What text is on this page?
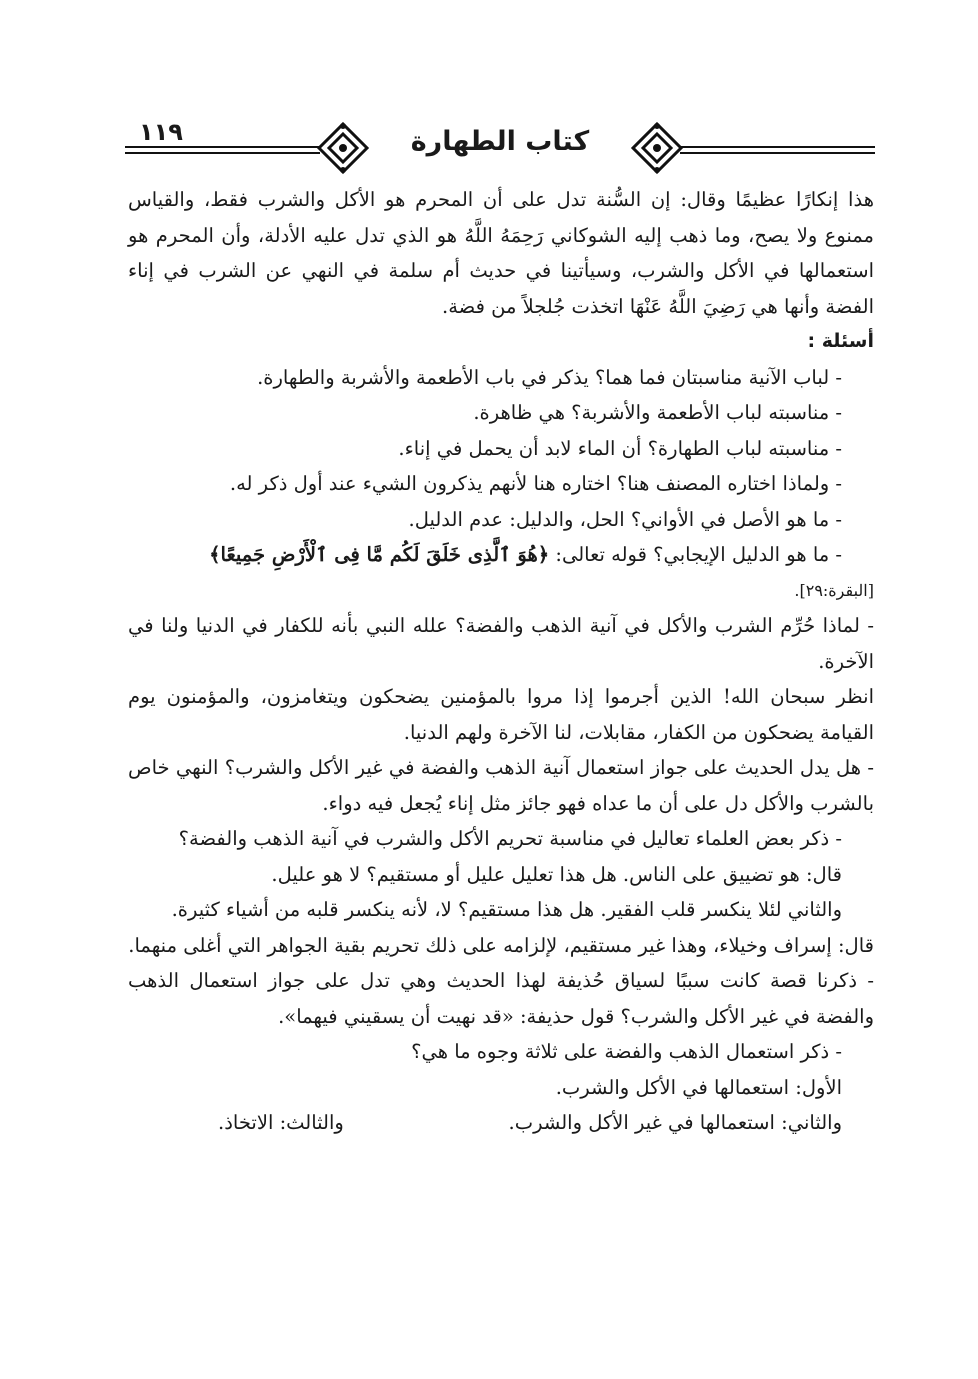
١١٩	كتاب الطهارة

هذا إنكارًا عظيمًا وقال: إن السُّنة تدل على أن المحرم هو الأكل والشرب فقط، والقياس ممنوع ولا يصح، وما ذهب إليه الشوكاني رَحِمَهُ اللَّهُ هو الذي تدل عليه الأدلة، وأن المحرم هو استعمالها في الأكل والشرب، وسيأتينا في حديث أم سلمة في النهي عن الشرب في إناء الفضة وأنها هي رَضِيَ اللَّهُ عَنْهَا اتخذت جُلجلاً من فضة.

أسئلة :

- لباب الآنية مناسبتان فما هما؟ يذكر في باب الأطعمة والأشربة والطهارة.

- مناسبته لباب الأطعمة والأشربة؟ هي ظاهرة.

- مناسبته لباب الطهارة؟ أن الماء لابد أن يحمل في إناء.

- ولماذا اختاره المصنف هنا؟ اختاره هنا لأنهم يذكرون الشيء عند أول ذكر له.

- ما هو الأصل في الأواني؟ الحل، والدليل: عدم الدليل.

- ما هو الدليل الإيجابي؟ قوله تعالى: ﴿هُوَ ٱلَّذِى خَلَقَ لَكُم مَّا فِى ٱلْأَرْضِ جَمِيعًا﴾

[البقرة:٢٩].

- لماذا حُرِّم الشرب والأكل في آنية الذهب والفضة؟ علله النبي بأنه للكفار في الدنيا ولنا في الآخرة.

انظر سبحان الله! الذين أجرموا إذا مروا بالمؤمنين يضحكون ويتغامزون، والمؤمنون يوم القيامة يضحكون من الكفار، مقابلات، لنا الآخرة ولهم الدنيا.

- هل يدل الحديث على جواز استعمال آنية الذهب والفضة في غير الأكل والشرب؟ النهي خاص بالشرب والأكل دل على أن ما عداه فهو جائز مثل إناء يُجعل فيه دواء.

- ذكر بعض العلماء تعاليل في مناسبة تحريم الأكل والشرب في آنية الذهب والفضة؟

قال: هو تضييق على الناس. هل هذا تعليل عليل أو مستقيم؟ لا هو عليل.

والثاني لئلا ينكسر قلب الفقير. هل هذا مستقيم؟ لا، لأنه ينكسر قلبه من أشياء كثيرة.

قال: إسراف وخيلاء، وهذا غير مستقيم، لإلزامه على ذلك تحريم بقية الجواهر التي أغلى منهما.

- ذكرنا قصة كانت سببًا لسياق حُذيفة لهذا الحديث وهي تدل على جواز استعمال الذهب والفضة في غير الأكل والشرب؟ قول حذيفة: «قد نهيت أن يسقيني فيهما».

- ذكر استعمال الذهب والفضة على ثلاثة وجوه ما هي؟

الأول: استعمالها في الأكل والشرب.

والثاني: استعمالها في غير الأكل والشرب.
والثالث: الاتخاذ.
